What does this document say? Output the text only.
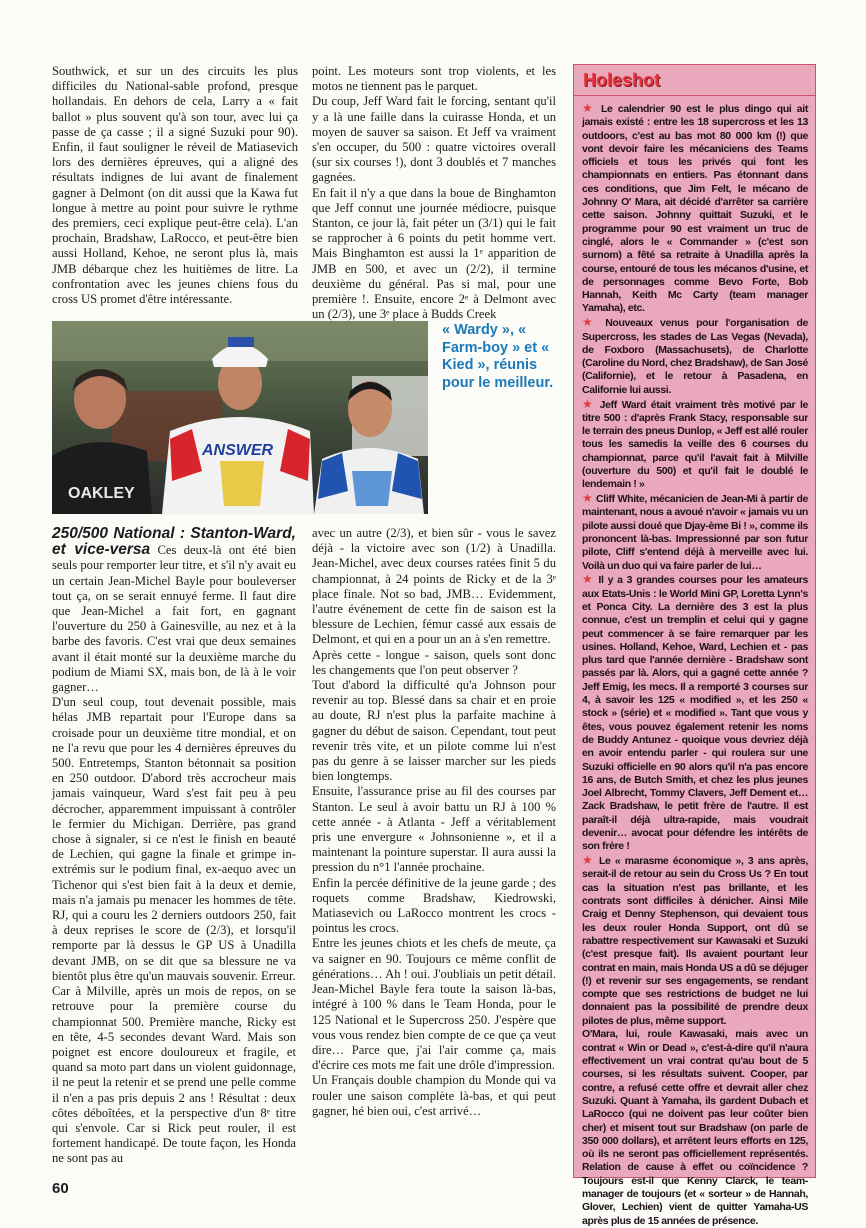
Southwick, et sur un des circuits les plus difficiles du National-sable profond, presque hollandais. En dehors de cela, Larry a « fait ballot » plus souvent qu'à son tour, avec lui ça passe de ça casse ; il a signé Suzuki pour 90). Enfin, il faut souligner le réveil de Matiasevich lors des dernières épreuves, qui a aligné des résultats indignes de lui avant de finalement gagner à Delmont (on dit aussi que la Kawa fut longue à mettre au point pour suivre le rythme des premiers, ceci explique peut-être cela). L'an prochain, Bradshaw, LaRocco, et peut-être bien aussi Holland, Kehoe, ne seront plus là, mais JMB débarque chez les huitièmes de litre. La confrontation avec les jeunes chiens fous du cross US promet d'être intéressante.

point. Les moteurs sont trop violents, et les motos ne tiennent pas le parquet.

Du coup, Jeff Ward fait le forcing, sentant qu'il y a là une faille dans la cuirasse Honda, et un moyen de sauver sa saison. Et Jeff va vraiment s'en occuper, du 500 : quatre victoires overall (sur six courses !), dont 3 doublés et 7 manches gagnées.

En fait il n'y a que dans la boue de Binghamton que Jeff connut une journée médiocre, puisque Stanton, ce jour là, fait péter un (3/1) qui le fait se rapprocher à 6 points du petit homme vert. Mais Binghamton est aussi la 1ᵉ apparition de JMB en 500, et avec un (2/2), il termine deuxième du général. Pas si mal, pour une première !. Ensuite, encore 2ᵉ à Delmont avec un (2/3), une 3ᵉ place à Budds Creek

OAKLEY
ANSWER
« Wardy », « Farm-boy » et « Kied », réunis pour le meilleur.

250/500 National : Stanton-Ward, et vice-versa Ces deux-là ont été bien seuls pour remporter leur titre, et s'il n'y avait eu un certain Jean-Michel Bayle pour bouleverser tout ça, on se serait ennuyé ferme. Il faut dire que Jean-Michel a fait fort, en gagnant l'ouverture du 250 à Gainesville, au nez et à la barbe des favoris. C'est vrai que deux semaines avant il était monté sur la deuxième marche du podium de Miami SX, mais bon, de là à le voir gagner…

D'un seul coup, tout devenait possible, mais hélas JMB repartait pour l'Europe dans sa croisade pour un deuxième titre mondial, et on ne l'a revu que pour les 4 dernières épreuves du 500. Entretemps, Stanton bétonnait sa position en 250 outdoor. D'abord très accrocheur mais jamais vainqueur, Ward s'est fait peu à peu décrocher, apparemment impuissant à contrôler le fermier du Michigan. Derrière, pas grand chose à signaler, si ce n'est le finish en beauté de Lechien, qui gagne la finale et grimpe in-extrémis sur le podium final, ex-aequo avec un Tichenor qui s'est bien fait à la deux et demie, mais n'a jamais pu menacer les hommes de tête. RJ, qui a couru les 2 derniers outdoors 250, fait à deux reprises le score de (2/3), et lorsqu'il remporte par là dessus le GP US à Unadilla devant JMB, on se dit que sa blessure ne va bientôt plus être qu'un mauvais souvenir. Erreur.

Car à Milville, après un mois de repos, on se retrouve pour la première course du championnat 500. Première manche, Ricky est en tête, 4-5 secondes devant Ward. Mais son poignet est encore douloureux et fragile, et quand sa moto part dans un violent guidonnage, il ne peut la retenir et se prend une pelle comme il n'en a pas pris depuis 2 ans ! Résultat : deux côtes déboîtées, et la perspective d'un 8ᵉ titre qui s'envole. Car si Rick peut rouler, il est fortement handicapé. De toute façon, les Honda ne sont pas au

avec un autre (2/3), et bien sûr - vous le savez déjà - la victoire avec son (1/2) à Unadilla. Jean-Michel, avec deux courses ratées finit 5 du championnat, à 24 points de Ricky et de la 3ᵉ place finale. Not so bad, JMB… Evidemment, l'autre événement de cette fin de saison est la blessure de Lechien, fémur cassé aux essais de Delmont, et qui en a pour un an à s'en remettre.

Après cette - longue - saison, quels sont donc les changements que l'on peut observer ?

Tout d'abord la difficulté qu'a Johnson pour revenir au top. Blessé dans sa chair et en proie au doute, RJ n'est plus la parfaite machine à gagner du début de saison. Cependant, tout peut revenir très vite, et un pilote comme lui n'est pas du genre à se laisser marcher sur les pieds bien longtemps.

Ensuite, l'assurance prise au fil des courses par Stanton. Le seul à avoir battu un RJ à 100 % cette année - à Atlanta - Jeff a véritablement pris une envergure « Johnsonienne », et il a maintenant la pointure superstar. Il aura aussi la pression du n°1 l'année prochaine.

Enfin la percée définitive de la jeune garde ; des roquets comme Bradshaw, Kiedrowski, Matiasevich ou LaRocco montrent les crocs - pointus les crocs.

Entre les jeunes chiots et les chefs de meute, ça va saigner en 90. Toujours ce même conflit de générations… Ah ! oui. J'oubliais un petit détail. Jean-Michel Bayle fera toute la saison là-bas, intégré à 100 % dans le Team Honda, pour le 125 National et le Supercross 250. J'espère que vous vous rendez bien compte de ce que ça veut dire… Parce que, j'ai l'air comme ça, mais d'écrire ces mots me fait une drôle d'impression.

Un Français double champion du Monde qui va rouler une saison complète là-bas, et qui peut gagner, hé bien oui, c'est arrivé…

Holeshot

★ Le calendrier 90 est le plus dingo qui ait jamais existé : entre les 18 supercross et les 13 outdoors, c'est au bas mot 80 000 km (!) que vont devoir faire les mécaniciens des Teams officiels et tous les privés qui font les championnats en entiers. Pas étonnant dans ces conditions, que Jim Felt, le mécano de Johnny O' Mara, ait décidé d'arrêter sa carrière cette saison. Johnny quittait Suzuki, et le programme pour 90 est vraiment un truc de cinglé, alors le « Commander » (c'est son surnom) a fêté sa retraite à Unadilla après la course, entouré de tous les mécanos d'usine, et de personnages comme Bevo Forte, Bob Hannah, Keith Mc Carty (team manager Yamaha), etc.

★ Nouveaux venus pour l'organisation de Supercross, les stades de Las Vegas (Nevada), de Foxboro (Massachusets), de Charlotte (Caroline du Nord, chez Bradshaw), de San José (Californie), et le retour à Pasadena, en Californie lui aussi.

★ Jeff Ward était vraiment très motivé par le titre 500 : d'après Frank Stacy, responsable sur le terrain des pneus Dunlop, « Jeff est allé rouler tous les samedis la veille des 6 courses du championnat, parce qu'il l'avait fait à Milville (ouverture du 500) et qu'il fait le doublé le lendemain ! »

★ Cliff White, mécanicien de Jean-Mi à partir de maintenant, nous a avoué n'avoir « jamais vu un pilote aussi doué que Djay-ème Bi ! », comme ils prononcent là-bas. Impressionné par son futur pilote, Cliff s'entend déjà à merveille avec lui. Voilà un duo qui va faire parler de lui…

★ Il y a 3 grandes courses pour les amateurs aux Etats-Unis : le World Mini GP, Loretta Lynn's et Ponca City. La dernière des 3 est la plus connue, c'est un tremplin et celui qui y gagne peut commencer à se faire remarquer par les usines. Holland, Kehoe, Ward, Lechien et - pas plus tard que l'année dernière - Bradshaw sont passés par là. Alors, qui a gagné cette année ? Jeff Emig, les mecs. Il a remporté 3 courses sur 4, à savoir les 125 « modified », et les 250 « stock » (série) et « modified ». Tant que vous y êtes, vous pouvez également retenir les noms de Buddy Antunez - quoique vous devriez déjà en avoir entendu parler - qui roulera sur une Suzuki officielle en 90 alors qu'il n'a pas encore 16 ans, de Butch Smith, et chez les plus jeunes Joel Albrecht, Tommy Clavers, Jeff Dement et… Zack Bradshaw, le petit frère de l'autre. Il est paraît-il déjà ultra-rapide, mais voudrait devenir… avocat pour défendre les intérêts de son frère !

★ Le « marasme économique », 3 ans après, serait-il de retour au sein du Cross Us ? En tout cas la situation n'est pas brillante, et les contrats sont difficiles à dénicher. Ainsi Mile Craig et Denny Stephenson, qui devaient tous les deux rouler Honda Support, ont dû se rabattre respectivement sur Kawasaki et Suzuki (c'est presque fait). Ils avaient pourtant leur contrat en main, mais Honda US a dû se déjuger (!) et revenir sur ses engagements, se rendant compte que ses restrictions de budget ne lui donnaient pas la possibilité de prendre deux pilotes de plus, même support.

O'Mara, lui, roule Kawasaki, mais avec un contrat « Win or Dead », c'est-à-dire qu'il n'aura effectivement un vrai contrat qu'au bout de 5 courses, si les résultats suivent. Cooper, par contre, a refusé cette offre et devrait aller chez Suzuki. Quant à Yamaha, ils gardent Dubach et LaRocco (qui ne doivent pas leur coûter bien cher) et misent tout sur Bradshaw (on parle de 350 000 dollars), et arrêtent leurs efforts en 125, où ils ne seront pas officiellement représentés. Relation de cause à effet ou coïncidence ? Toujours est-il que Kenny Clarck, le team-manager de toujours (et « sorteur » de Hannah, Glover, Lechien) vient de quitter Yamaha-US après plus de 15 années de présence.

60
